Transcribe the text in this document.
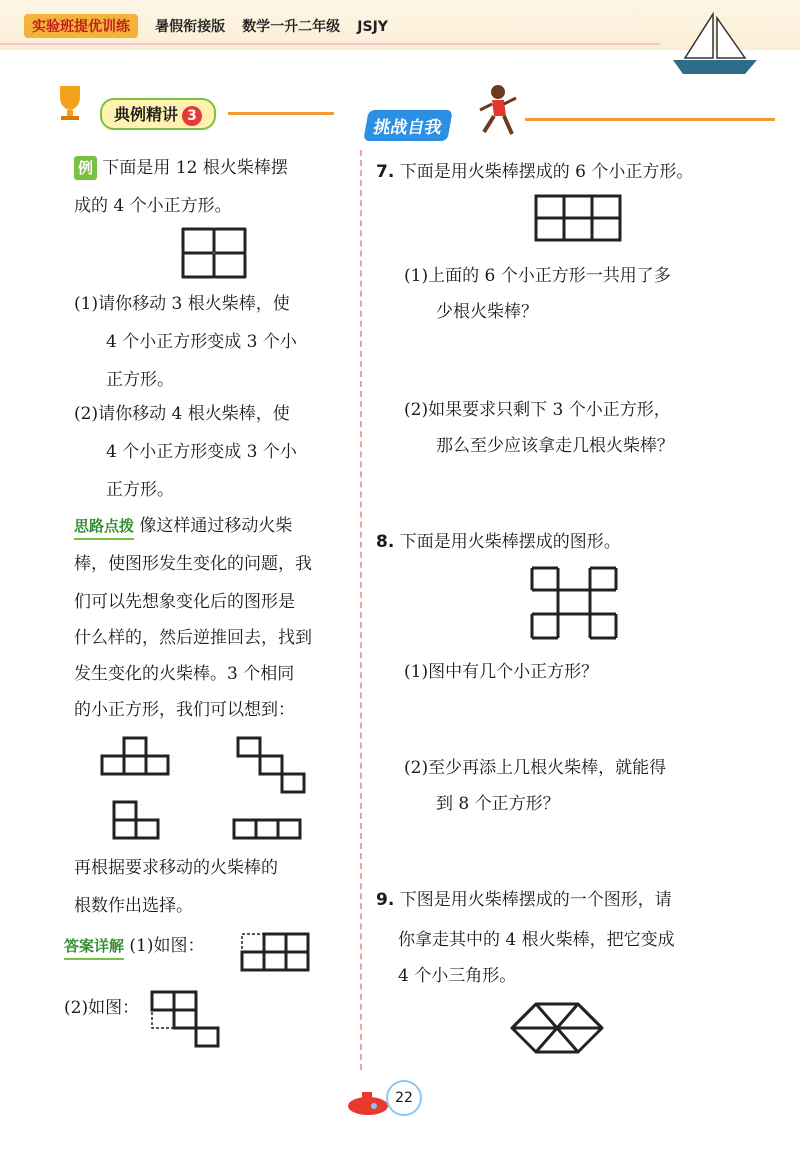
实验班提优训练 暑假衔接版 数学一升二年级 JSJY
典例精讲 3
挑战自我
例 下面是用 12 根火柴棒摆
成的 4 个小正方形。
(1)请你移动 3 根火柴棒，使
4 个小正方形变成 3 个小
正方形。
(2)请你移动 4 根火柴棒，使
4 个小正方形变成 3 个小
正方形。
思路点拨 像这样通过移动火柴
棒，使图形发生变化的问题，我
们可以先想象变化后的图形是
什么样的，然后逆推回去，找到
发生变化的火柴棒。3 个相同
的小正方形，我们可以想到：
再根据要求移动的火柴棒的
根数作出选择。
答案详解 (1)如图：
(2)如图：
7. 下面是用火柴棒摆成的 6 个小正方形。
(1)上面的 6 个小正方形一共用了多
少根火柴棒？
(2)如果要求只剩下 3 个小正方形，
那么至少应该拿走几根火柴棒？
8. 下面是用火柴棒摆成的图形。
(1)图中有几个小正方形？
(2)至少再添上几根火柴棒，就能得
到 8 个正方形？
9. 下图是用火柴棒摆成的一个图形，请
你拿走其中的 4 根火柴棒，把它变成
4 个小三角形。
22
